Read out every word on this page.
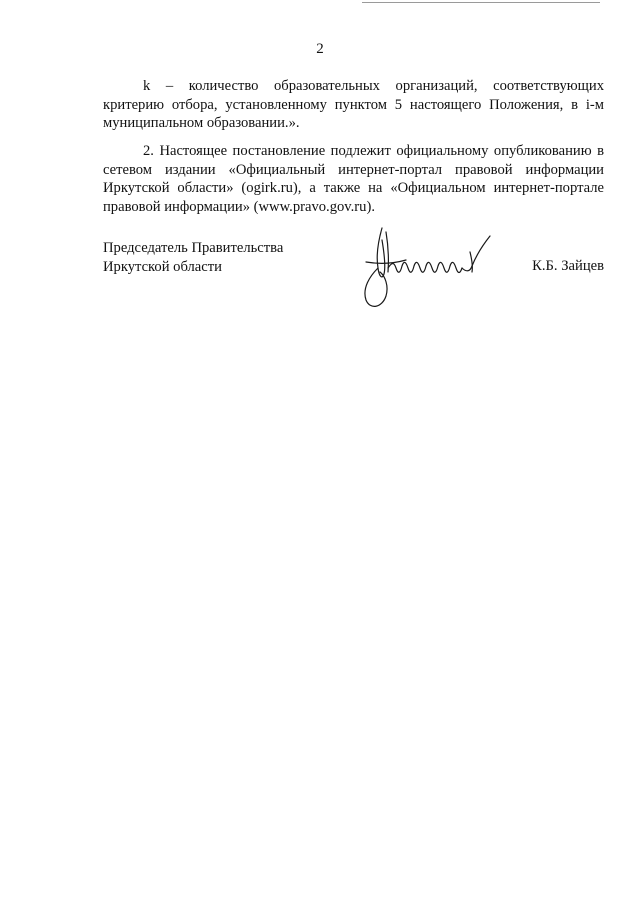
2

k – количество образовательных организаций, соответствующих критерию отбора, установленному пунктом 5 настоящего Положения, в i-м муниципальном образовании.».

2. Настоящее постановление подлежит официальному опубликованию в сетевом издании «Официальный интернет-портал правовой информации Иркутской области» (ogirk.ru), а также на «Официальном интернет-портале правовой информации» (www.pravo.gov.ru).

Председатель Правительства
Иркутской области	К.Б. Зайцев
